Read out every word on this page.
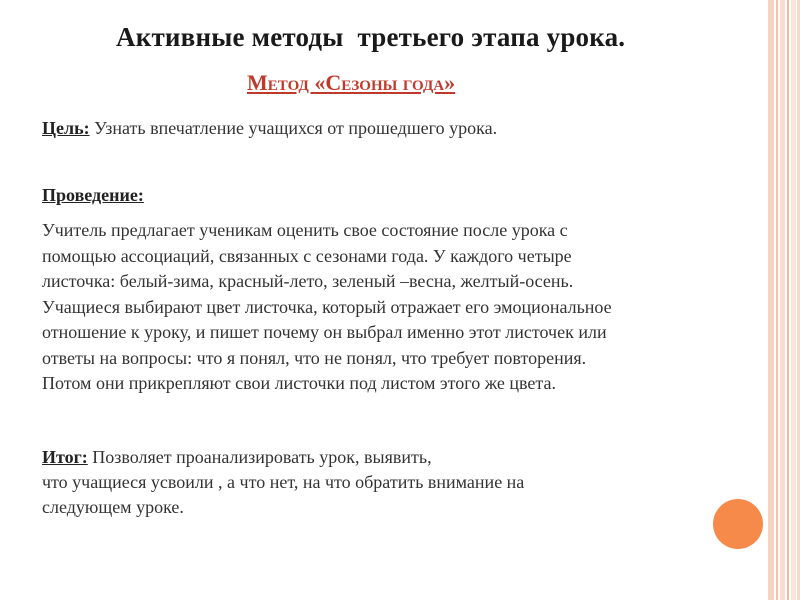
Активные методы  третьего этапа урока.
Метод «Сезоны года»
Цель: Узнать впечатление учащихся от прошедшего урока.
Проведение:
Учитель предлагает ученикам оценить свое состояние после урока с
помощью ассоциаций, связанных с сезонами года. У каждого четыре
листочка: белый-зима, красный-лето, зеленый –весна, желтый-осень.
Учащиеся выбирают цвет листочка, который отражает его эмоциональное
отношение к уроку, и пишет почему он выбрал именно этот листочек или
ответы на вопросы: что я понял, что не понял, что требует повторения.
Потом они прикрепляют свои листочки под листом этого же цвета.
Итог: Позволяет проанализировать урок, выявить,
что учащиеся усвоили , а что нет, на что обратить внимание на
следующем уроке.
